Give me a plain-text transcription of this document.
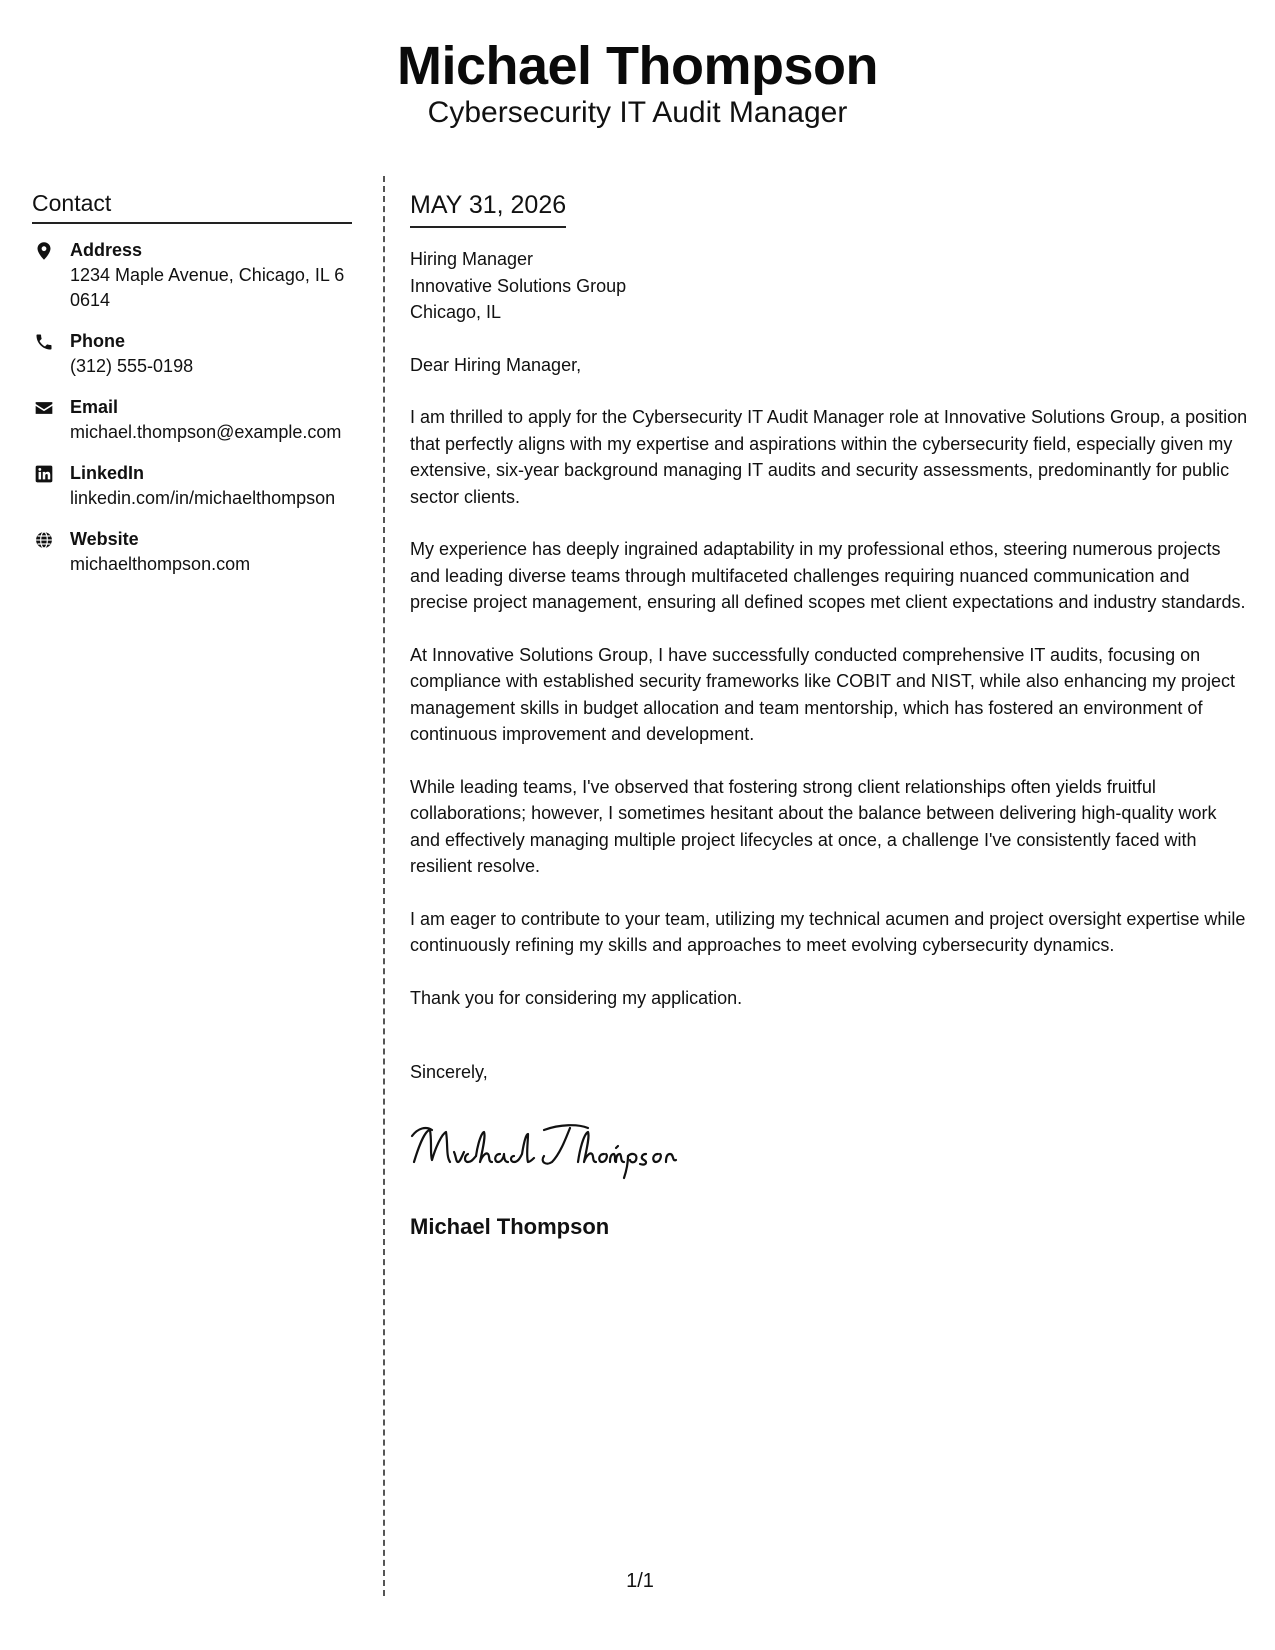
Michael Thompson
Cybersecurity IT Audit Manager
Contact
Address
1234 Maple Avenue, Chicago, IL 60614
Phone
(312) 555-0198
Email
michael.thompson@example.com
LinkedIn
linkedin.com/in/michaelthompson
Website
michaelthompson.com
MAY 31, 2026
Hiring Manager
Innovative Solutions Group
Chicago, IL

Dear Hiring Manager,

I am thrilled to apply for the Cybersecurity IT Audit Manager role at Innovative Solutions Group, a position that perfectly aligns with my expertise and aspirations within the cybersecurity field, especially given my extensive, six-year background managing IT audits and security assessments, predominantly for public sector clients.

My experience has deeply ingrained adaptability in my professional ethos, steering numerous projects and leading diverse teams through multifaceted challenges requiring nuanced communication and precise project management, ensuring all defined scopes met client expectations and industry standards.

At Innovative Solutions Group, I have successfully conducted comprehensive IT audits, focusing on compliance with established security frameworks like COBIT and NIST, while also enhancing my project management skills in budget allocation and team mentorship, which has fostered an environment of continuous improvement and development.

While leading teams, I've observed that fostering strong client relationships often yields fruitful collaborations; however, I sometimes hesitant about the balance between delivering high-quality work and effectively managing multiple project lifecycles at once, a challenge I've consistently faced with resilient resolve.

I am eager to contribute to your team, utilizing my technical acumen and project oversight expertise while continuously refining my skills and approaches to meet evolving cybersecurity dynamics.

Thank you for considering my application.

Sincerely,

Michael Thompson
1/1
